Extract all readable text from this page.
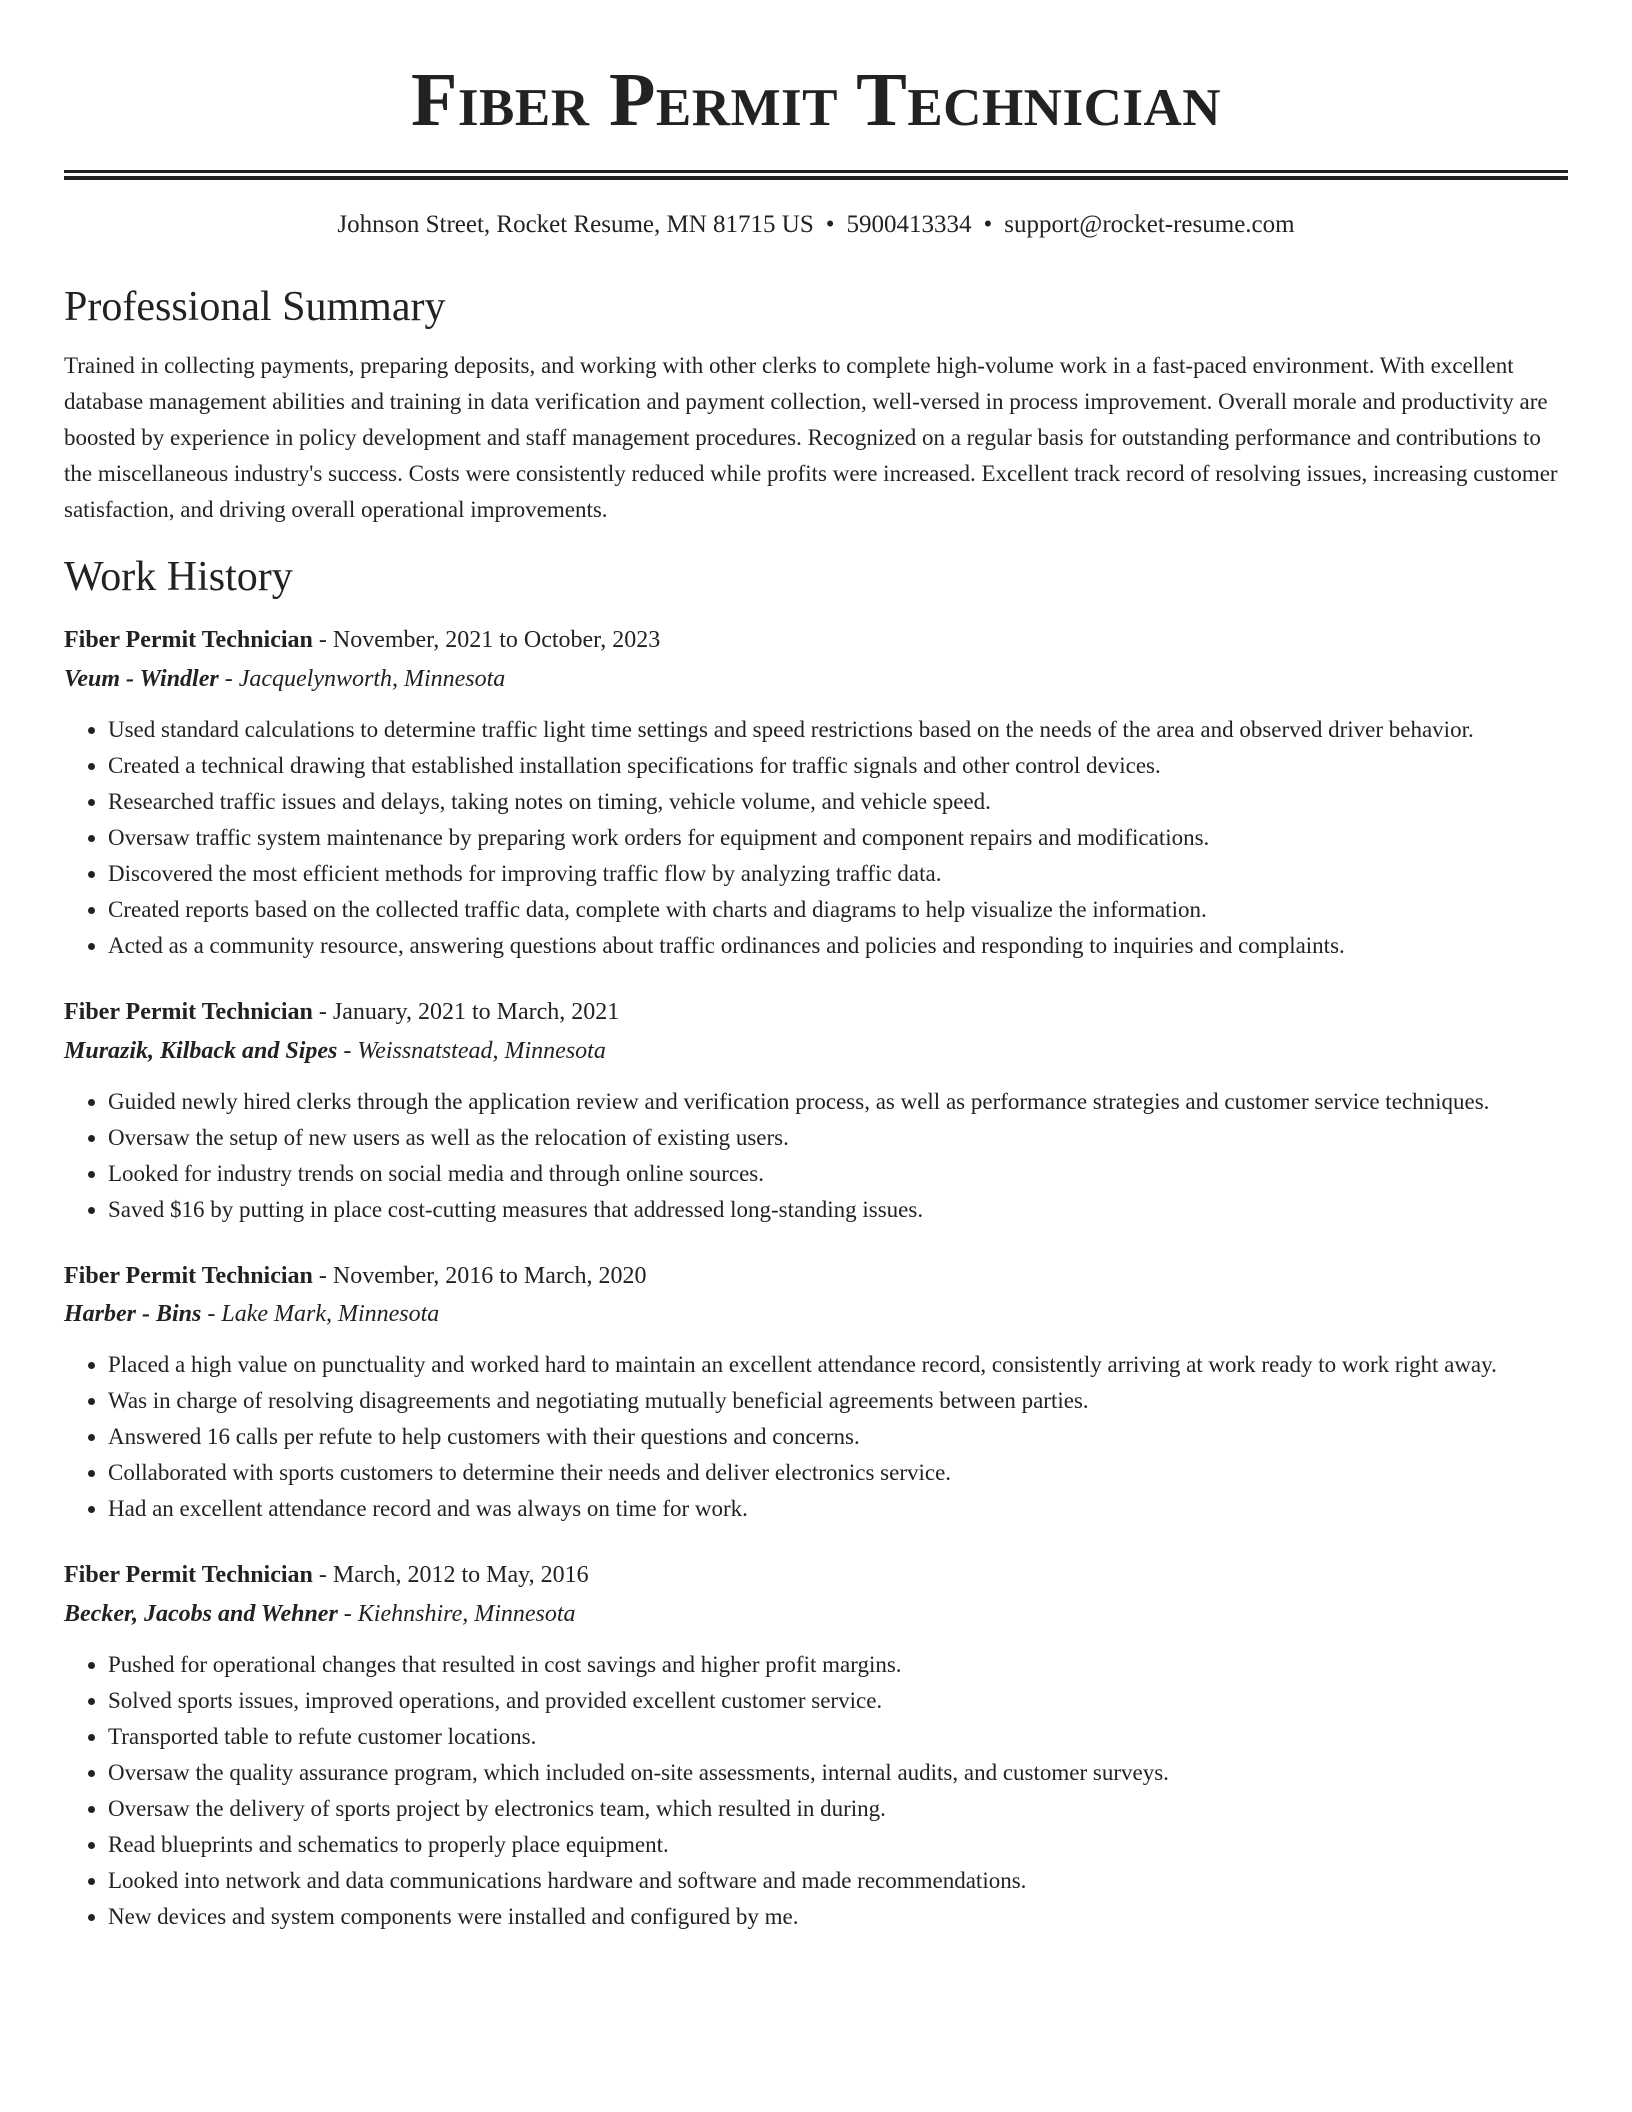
Fiber Permit Technician
Johnson Street, Rocket Resume, MN 81715 US • 5900413334 • support@rocket-resume.com
Professional Summary

Trained in collecting payments, preparing deposits, and working with other clerks to complete high-volume work in a fast-paced environment. With excellent database management abilities and training in data verification and payment collection, well-versed in process improvement. Overall morale and productivity are boosted by experience in policy development and staff management procedures. Recognized on a regular basis for outstanding performance and contributions to the miscellaneous industry's success. Costs were consistently reduced while profits were increased. Excellent track record of resolving issues, increasing customer satisfaction, and driving overall operational improvements.

Work History

Fiber Permit Technician - November, 2021 to October, 2023

Veum - Windler - Jacquelynworth, Minnesota

• Used standard calculations to determine traffic light time settings and speed restrictions based on the needs of the area and observed driver behavior.
• Created a technical drawing that established installation specifications for traffic signals and other control devices.
• Researched traffic issues and delays, taking notes on timing, vehicle volume, and vehicle speed.
• Oversaw traffic system maintenance by preparing work orders for equipment and component repairs and modifications.
• Discovered the most efficient methods for improving traffic flow by analyzing traffic data.
• Created reports based on the collected traffic data, complete with charts and diagrams to help visualize the information.
• Acted as a community resource, answering questions about traffic ordinances and policies and responding to inquiries and complaints.

Fiber Permit Technician - January, 2021 to March, 2021

Murazik, Kilback and Sipes - Weissnatstead, Minnesota

• Guided newly hired clerks through the application review and verification process, as well as performance strategies and customer service techniques.
• Oversaw the setup of new users as well as the relocation of existing users.
• Looked for industry trends on social media and through online sources.
• Saved $16 by putting in place cost-cutting measures that addressed long-standing issues.

Fiber Permit Technician - November, 2016 to March, 2020

Harber - Bins - Lake Mark, Minnesota

• Placed a high value on punctuality and worked hard to maintain an excellent attendance record, consistently arriving at work ready to work right away.
• Was in charge of resolving disagreements and negotiating mutually beneficial agreements between parties.
• Answered 16 calls per refute to help customers with their questions and concerns.
• Collaborated with sports customers to determine their needs and deliver electronics service.
• Had an excellent attendance record and was always on time for work.

Fiber Permit Technician - March, 2012 to May, 2016

Becker, Jacobs and Wehner - Kiehnshire, Minnesota

• Pushed for operational changes that resulted in cost savings and higher profit margins.
• Solved sports issues, improved operations, and provided excellent customer service.
• Transported table to refute customer locations.
• Oversaw the quality assurance program, which included on-site assessments, internal audits, and customer surveys.
• Oversaw the delivery of sports project by electronics team, which resulted in during.
• Read blueprints and schematics to properly place equipment.
• Looked into network and data communications hardware and software and made recommendations.
• New devices and system components were installed and configured by me.
